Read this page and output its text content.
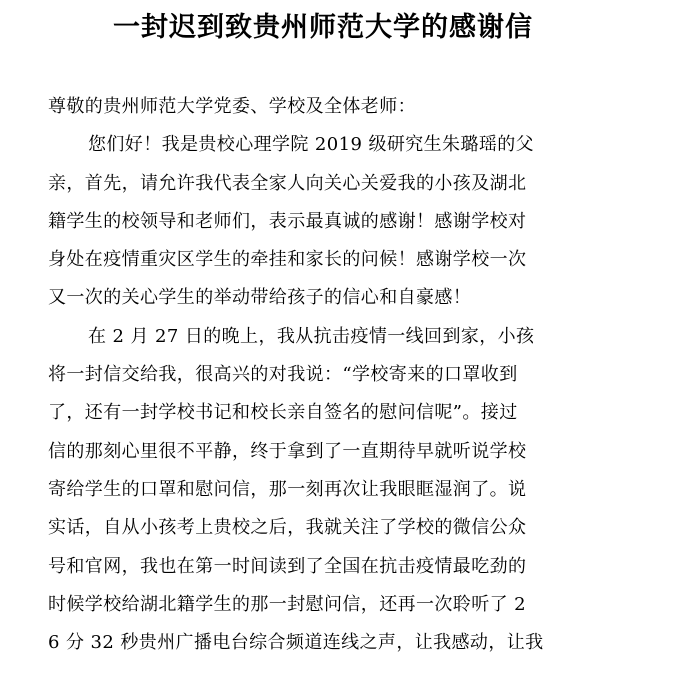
一封迟到致贵州师范大学的感谢信
尊敬的贵州师范大学党委、学校及全体老师：
您们好！我是贵校心理学院 2019 级研究生朱璐瑶的父
亲，首先，请允许我代表全家人向关心关爱我的小孩及湖北
籍学生的校领导和老师们，表示最真诚的感谢！感谢学校对
身处在疫情重灾区学生的牵挂和家长的问候！感谢学校一次
又一次的关心学生的举动带给孩子的信心和自豪感！
在 2 月 27 日的晚上，我从抗击疫情一线回到家，小孩
将一封信交给我，很高兴的对我说：“学校寄来的口罩收到
了，还有一封学校书记和校长亲自签名的慰问信呢”。接过
信的那刻心里很不平静，终于拿到了一直期待早就听说学校
寄给学生的口罩和慰问信，那一刻再次让我眼眶湿润了。说
实话，自从小孩考上贵校之后，我就关注了学校的微信公众
号和官网，我也在第一时间读到了全国在抗击疫情最吃劲的
时候学校给湖北籍学生的那一封慰问信，还再一次聆听了 2
6 分 32 秒贵州广播电台综合频道连线之声，让我感动，让我
